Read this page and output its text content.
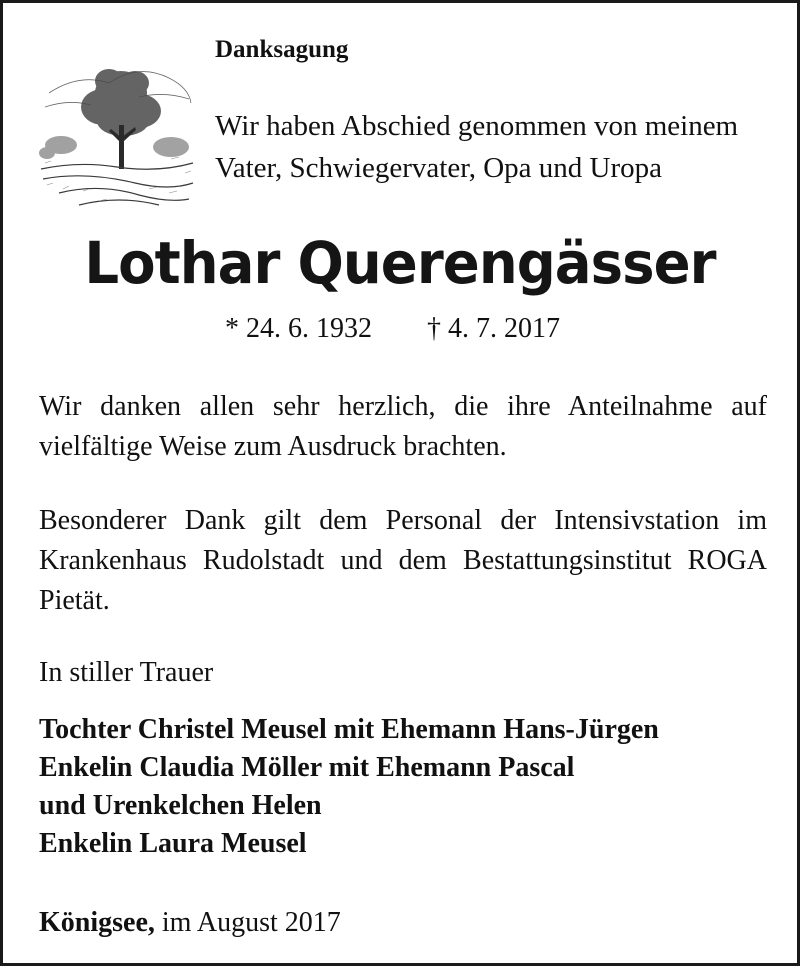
Danksagung
Wir haben Abschied genommen von meinem
Vater, Schwiegervater, Opa und Uropa
Lothar Querengässer
* 24. 6. 1932 † 4. 7. 2017

Wir danken allen sehr herzlich, die ihre Anteilnahme auf vielfältige Weise zum Ausdruck brachten.

Besonderer Dank gilt dem Personal der Intensivstation im Krankenhaus Rudolstadt und dem Bestattungsinstitut ROGA Pietät.

In stiller Trauer
Tochter Christel Meusel mit Ehemann Hans-Jürgen
Enkelin Claudia Möller mit Ehemann Pascal
und Urenkelchen Helen
Enkelin Laura Meusel
Königsee, im August 2017
